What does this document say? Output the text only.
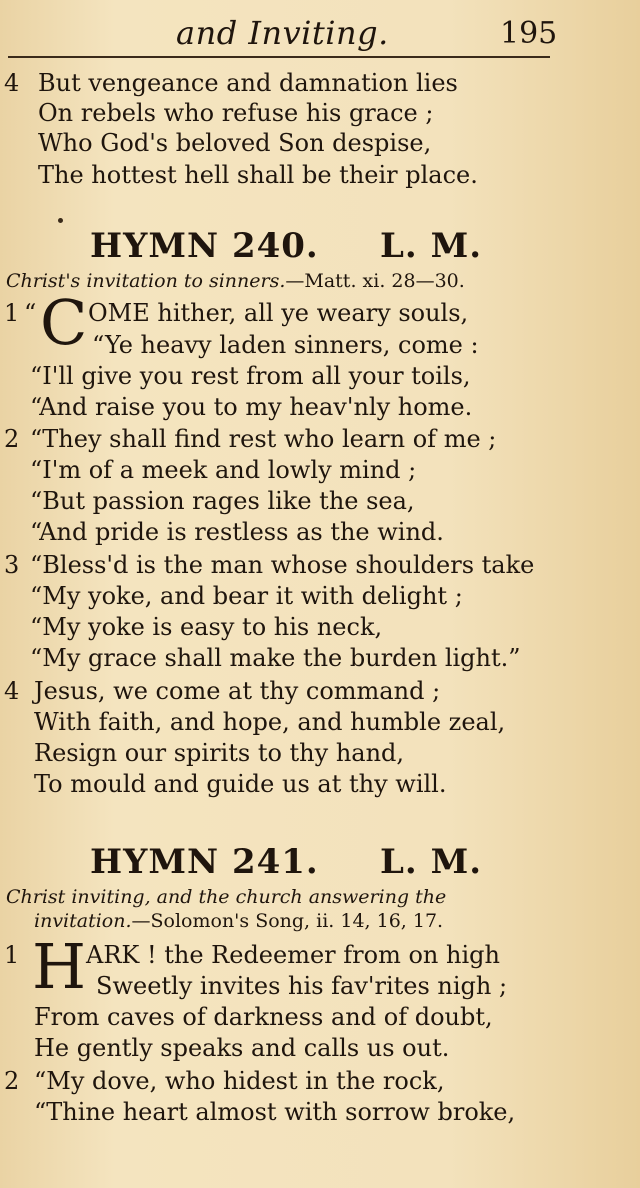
and Inviting.	195
4 But vengeance and damnation lies
On rebels who refuse his grace ;
Who God's beloved Son despise,
The hottest hell shall be their place.
HYMN 240. L. M.
Christ's invitation to sinners.—Matt. xi. 28—30.
1 “ OME hither, all ye weary souls,
C “Ye heavy laden sinners, come :
“I'll give you rest from all your toils,
“And raise you to my heav'nly home.
2 “They shall find rest who learn of me ;
“I'm of a meek and lowly mind ;
“But passion rages like the sea,
“And pride is restless as the wind.
3 “Bless'd is the man whose shoulders take
“My yoke, and bear it with delight ;
“My yoke is easy to his neck,
“My grace shall make the burden light.”
4 Jesus, we come at thy command ;
With faith, and hope, and humble zeal,
Resign our spirits to thy hand,
To mould and guide us at thy will.
HYMN 241. L. M.
Christ inviting, and the church answering the
invitation.—Solomon's Song, ii. 14, 16, 17.
1	ARK ! the Redeemer from on high
H Sweetly invites his fav'rites nigh ;
From caves of darkness and of doubt,
He gently speaks and calls us out.
2 “My dove, who hidest in the rock,
“Thine heart almost with sorrow broke,
